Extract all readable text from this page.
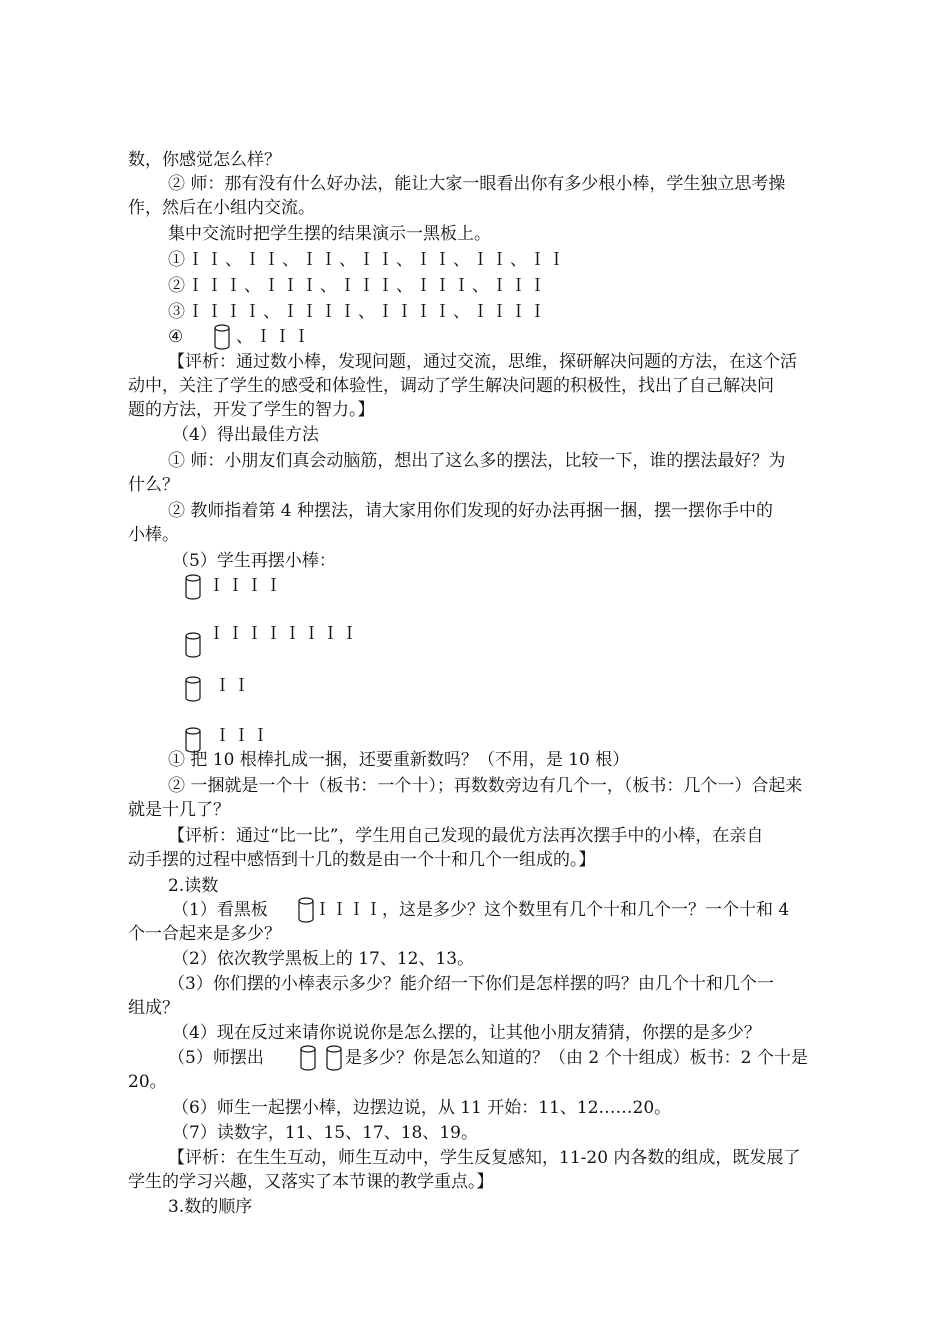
数，你感觉怎么样？
② 师：那有没有什么好办法，能让大家一眼看出你有多少根小棒，学生独立思考操
作，然后在小组内交流。
集中交流时把学生摆的结果演示一黑板上。
①ＩＩ、ＩＩ、ＩＩ、ＩＩ、ＩＩ、ＩＩ、ＩＩ
②ＩＩＩ、ＩＩＩ、ＩＩＩ、ＩＩＩ、ＩＩＩ
③ＩＩＩＩ、ＩＩＩＩ、ＩＩＩＩ、ＩＩＩＩ
④	、ＩＩＩ
【评析：通过数小棒，发现问题，通过交流，思维，探研解决问题的方法，在这个活
动中，关注了学生的感受和体验性，调动了学生解决问题的积极性，找出了自己解决问
题的方法，开发了学生的智力。】
（4）得出最佳方法
① 师：小朋友们真会动脑筋，想出了这么多的摆法，比较一下，谁的摆法最好？为
什么？
② 教师指着第 4 种摆法，请大家用你们发现的好办法再捆一捆，摆一摆你手中的
小棒。
（5）学生再摆小棒：
ＩＩＩＩ
ＩＩＩＩＩＩＩＩ
ＩＩ
ＩＩＩ
① 把 10 根棒扎成一捆，还要重新数吗？（不用，是 10 根）
② 一捆就是一个十（板书：一个十）；再数数旁边有几个一，（板书：几个一）合起来
就是十几了？
【评析：通过“比一比”，学生用自己发现的最优方法再次摆手中的小棒，在亲自
动手摆的过程中感悟到十几的数是由一个十和几个一组成的。】
2.读数
（1）看黑板	ＩＩＩＩ，这是多少？这个数里有几个十和几个一？一个十和 4
个一合起来是多少？
（2）依次教学黑板上的 17、12、13。
（3）你们摆的小棒表示多少？能介绍一下你们是怎样摆的吗？由几个十和几个一
组成？
（4）现在反过来请你说说你是怎么摆的，让其他小朋友猜猜，你摆的是多少？
（5）师摆出	是多少？你是怎么知道的？（由 2 个十组成）板书：2 个十是
20。
（6）师生一起摆小棒，边摆边说，从 11 开始：11、12……20。
（7）读数字，11、15、17、18、19。
【评析：在生生互动，师生互动中，学生反复感知，11-20 内各数的组成，既发展了
学生的学习兴趣，又落实了本节课的教学重点。】
3.数的顺序
